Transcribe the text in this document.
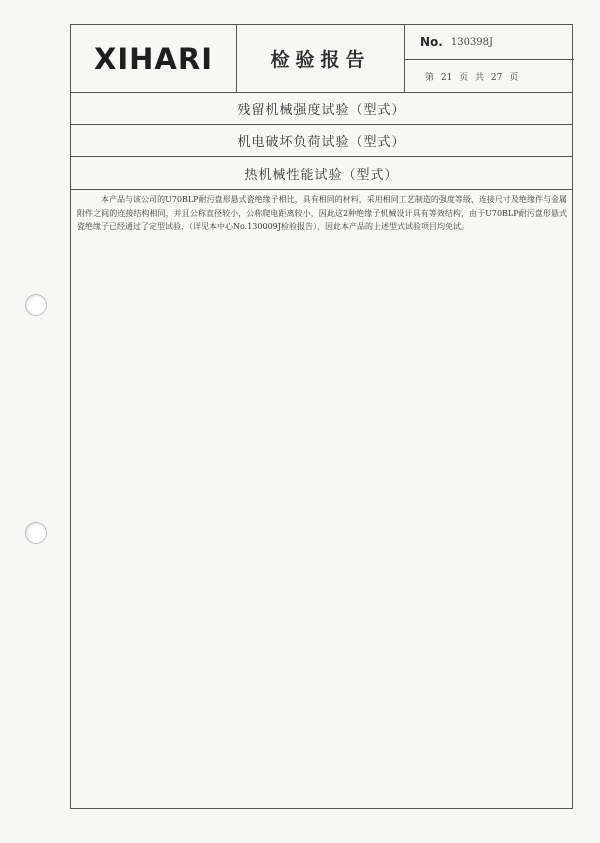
XIHARI	检验报告
No. 130398J
第 21 页 共 27 页
残留机械强度试验（型式）
机电破坏负荷试验（型式）
热机械性能试验（型式）

本产品与该公司的U70BLP耐污盘形悬式瓷绝缘子相比，具有相同的材料，采用相同工艺制造的强度等级、连接尺寸及绝缘件与金属附件之间的连接结构相同，并且公称直径较小，公称爬电距离较小，因此这2种绝缘子机械设计具有等效结构，由于U70BLP耐污盘形悬式瓷绝缘子已经通过了定型试验，（详见本中心No.130009J检验报告），因此本产品的上述型式试验项目均免试。
